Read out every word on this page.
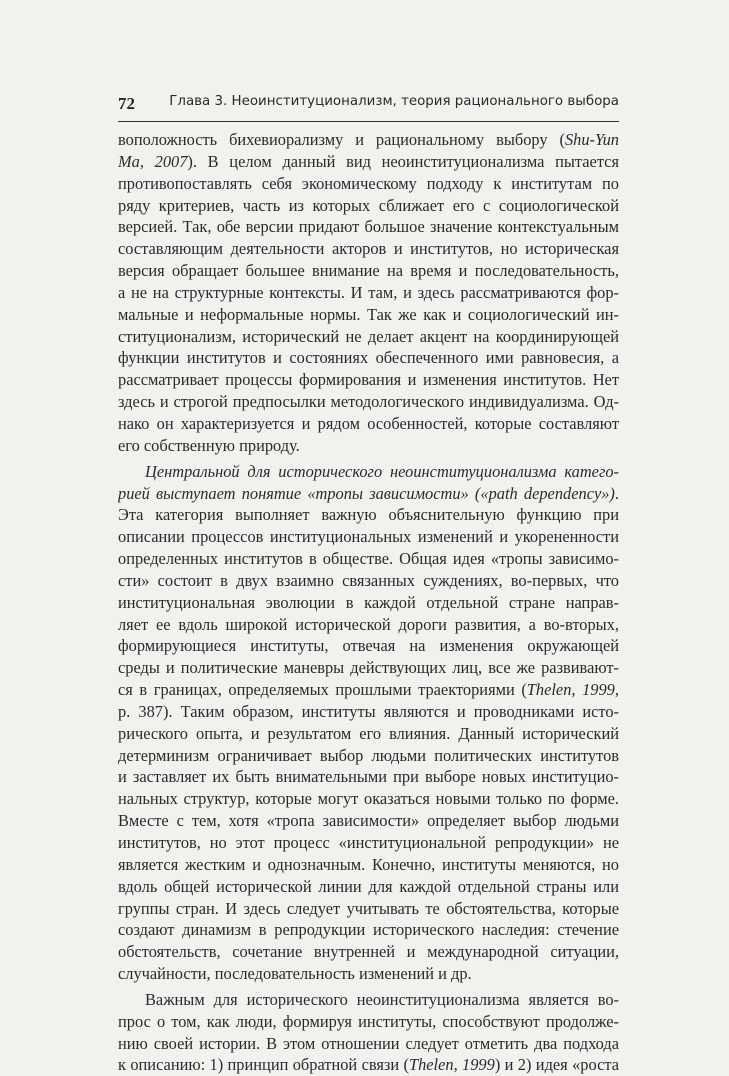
72	Глава 3. Неоинституционализм, теория рационального выбора
воположность бихевиорализму и рациональному выбору (Shu-Yun
Ma, 2007). В целом данный вид неоинституционализма пытается
противопоставлять себя экономическому подходу к институтам по
ряду критериев, часть из которых сближает его с социологической
версией. Так, обе версии придают большое значение контекстуальным
составляющим деятельности акторов и институтов, но историческая
версия обращает большее внимание на время и последовательность,
а не на структурные контексты. И там, и здесь рассматриваются фор-
мальные и неформальные нормы. Так же как и социологический ин-
ституционализм, исторический не делает акцент на координирующей
функции институтов и состояниях обеспеченного ими равновесия, а
рассматривает процессы формирования и изменения институтов. Нет
здесь и строгой предпосылки методологического индивидуализма. Од-
нако он характеризуется и рядом особенностей, которые составляют
его собственную природу.
Центральной для исторического неоинституционализма катего-
рией выступает понятие «тропы зависимости» («path dependency»).
Эта категория выполняет важную объяснительную функцию при
описании процессов институциональных изменений и укорененности
определенных институтов в обществе. Общая идея «тропы зависимо-
сти» состоит в двух взаимно связанных суждениях, во-первых, что
институциональная эволюции в каждой отдельной стране направ-
ляет ее вдоль широкой исторической дороги развития, а во-вторых,
формирующиеся институты, отвечая на изменения окружающей
среды и политические маневры действующих лиц, все же развивают-
ся в границах, определяемых прошлыми траекториями (Thelen, 1999,
p. 387). Таким образом, институты являются и проводниками исто-
рического опыта, и результатом его влияния. Данный исторический
детерминизм ограничивает выбор людьми политических институтов
и заставляет их быть внимательными при выборе новых институцио-
нальных структур, которые могут оказаться новыми только по форме.
Вместе с тем, хотя «тропа зависимости» определяет выбор людьми
институтов, но этот процесс «институциональной репродукции» не
является жестким и однозначным. Конечно, институты меняются, но
вдоль общей исторической линии для каждой отдельной страны или
группы стран. И здесь следует учитывать те обстоятельства, которые
создают динамизм в репродукции исторического наследия: стечение
обстоятельств, сочетание внутренней и международной ситуации,
случайности, последовательность изменений и др.
Важным для исторического неоинституционализма является во-
прос о том, как люди, формируя институты, способствуют продолже-
нию своей истории. В этом отношении следует отметить два подхода
к описанию: 1) принцип обратной связи (Thelen, 1999) и 2) идея «роста
